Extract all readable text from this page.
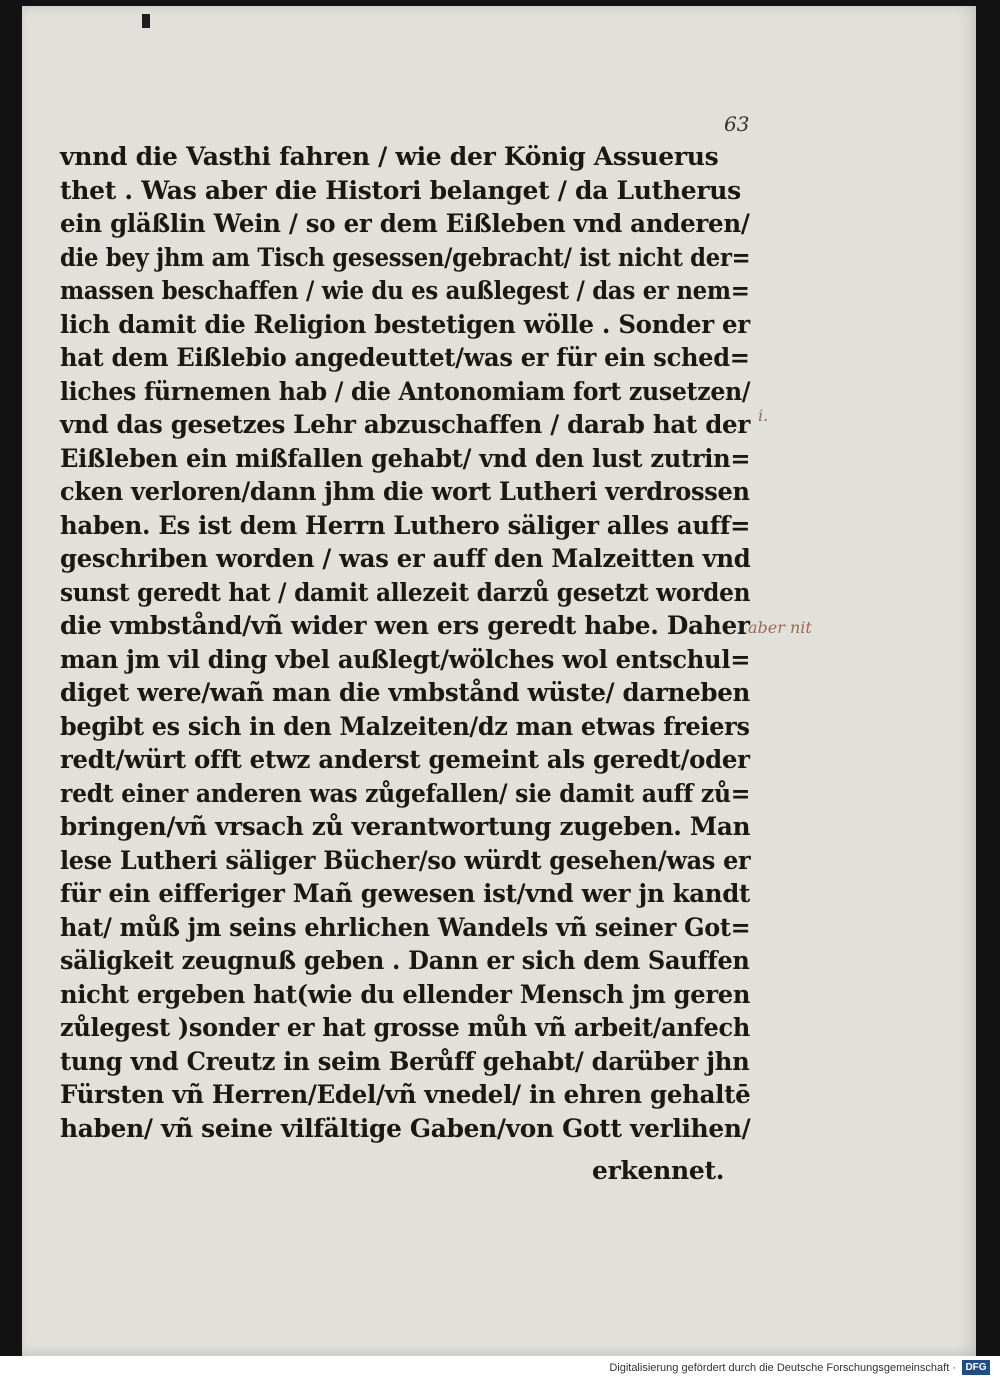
63
vnnd die Vasthi fahren / wie der König Assuerus
thet . Was aber die Histori belanget / da Lutherus
ein gläßlin Wein / so er dem Eißleben vnd anderen/
die bey jhm am Tisch gesessen/gebracht/ ist nicht der=
massen beschaffen / wie du es außlegest / das er nem=
lich damit die Religion bestetigen wölle . Sonder er
hat dem Eißlebio angedeuttet/was er für ein sched=
liches fürnemen hab / die Antonomiam fort zusetzen/
vnd das gesetzes Lehr abzuschaffen / darab hat der
Eißleben ein mißfallen gehabt/ vnd den lust zutrin=
cken verloren/dann jhm die wort Lutheri verdrossen
haben. Es ist dem Herrn Luthero säliger alles auff=
geschriben worden / was er auff den Malzeitten vnd
sunst geredt hat / damit allezeit darzů gesetzt worden
die vmbstånd/vñ wider wen ers geredt habe. Daher
man jm vil ding vbel außlegt/wölches wol entschul=
diget were/wañ man die vmbstånd wüste/ darneben
begibt es sich in den Malzeiten/dz man etwas freiers
redt/würt offt etwz anderst gemeint als geredt/oder
redt einer anderen was zůgefallen/ sie damit auff zů=
bringen/vñ vrsach zů verantwortung zugeben. Man
lese Lutheri säliger Bücher/so würdt gesehen/was er
für ein eifferiger Mañ gewesen ist/vnd wer jn kandt
hat/ můß jm seins ehrlichen Wandels vñ seiner Got=
säligkeit zeugnuß geben . Dann er sich dem Sauffen
nicht ergeben hat(wie du ellender Mensch jm geren
zůlegest )sonder er hat grosse můh vñ arbeit/anfech
tung vnd Creutz in seim Berůff gehabt/ darüber jhn
Fürsten vñ Herren/Edel/vñ vnedel/ in ehren gehaltē
haben/ vñ seine vilfältige Gaben/von Gott verlihen/
erkennet.
i.
aber nit
Digitalisierung gefördert durch die Deutsche Forschungsgemeinschaft · DFG
